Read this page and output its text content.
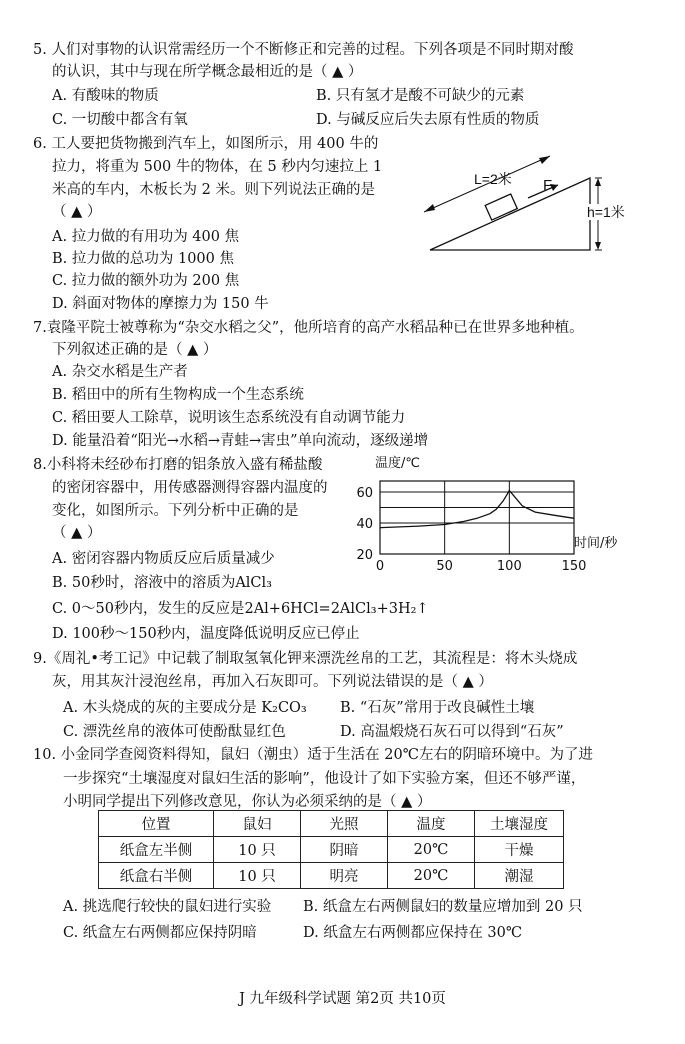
5. 人们对事物的认识常需经历一个不断修正和完善的过程。下列各项是不同时期对酸
的认识，其中与现在所学概念最相近的是（ ▲ ）
A. 有酸味的物质	B. 只有氢才是酸不可缺少的元素
C. 一切酸中都含有氧	D. 与碱反应后失去原有性质的物质
6. 工人要把货物搬到汽车上，如图所示，用 400 牛的
拉力，将重为 500 牛的物体，在 5 秒内匀速拉上 1
米高的车内，木板长为 2 米。则下列说法正确的是
（ ▲ ）
A. 拉力做的有用功为 400 焦
B. 拉力做的总功为 1000 焦
C. 拉力做的额外功为 200 焦
D. 斜面对物体的摩擦力为 150 牛
L=2米 F
h=1米
7.袁隆平院士被尊称为“杂交水稻之父”，他所培育的高产水稻品种已在世界多地种植。
下列叙述正确的是（ ▲ ）
A. 杂交水稻是生产者
B. 稻田中的所有生物构成一个生态系统
C. 稻田要人工除草，说明该生态系统没有自动调节能力
D. 能量沿着“阳光→水稻→青蛙→害虫”单向流动，逐级递增
8.小科将未经砂布打磨的铝条放入盛有稀盐酸
的密闭容器中，用传感器测得容器内温度的
变化，如图所示。下列分析中正确的是
（ ▲ ）
A. 密闭容器内物质反应后质量减少
B. 50秒时，溶液中的溶质为AlCl₃
C. 0～50秒内，发生的反应是2Al+6HCl=2AlCl₃+3H₂↑
D. 100秒～150秒内，温度降低说明反应已停止
温度/℃
时间/秒
20
40
60
0	50	100	150
9.《周礼•考工记》中记载了制取氢氧化钾来漂洗丝帛的工艺，其流程是：将木头烧成
灰，用其灰汁浸泡丝帛，再加入石灰即可。下列说法错误的是（ ▲ ）
A. 木头烧成的灰的主要成分是 K₂CO₃ B. “石灰”常用于改良碱性土壤
C. 漂洗丝帛的液体可使酚酞显红色	D. 高温煅烧石灰石可以得到“石灰”
10. 小金同学查阅资料得知，鼠妇（潮虫）适于生活在 20℃左右的阴暗环境中。为了进
一步探究“土壤湿度对鼠妇生活的影响”，他设计了如下实验方案，但还不够严谨，
小明同学提出下列修改意见，你认为必须采纳的是（ ▲ ）
位置	鼠妇	光照	温度	土壤湿度
纸盒左半侧	10 只	阴暗	20℃	干燥
纸盒右半侧	10 只	明亮	20℃	潮湿
A. 挑选爬行较快的鼠妇进行实验 B. 纸盒左右两侧鼠妇的数量应增加到 20 只
C. 纸盒左右两侧都应保持阴暗	D. 纸盒左右两侧都应保持在 30℃
J 九年级科学试题 第2页 共10页
